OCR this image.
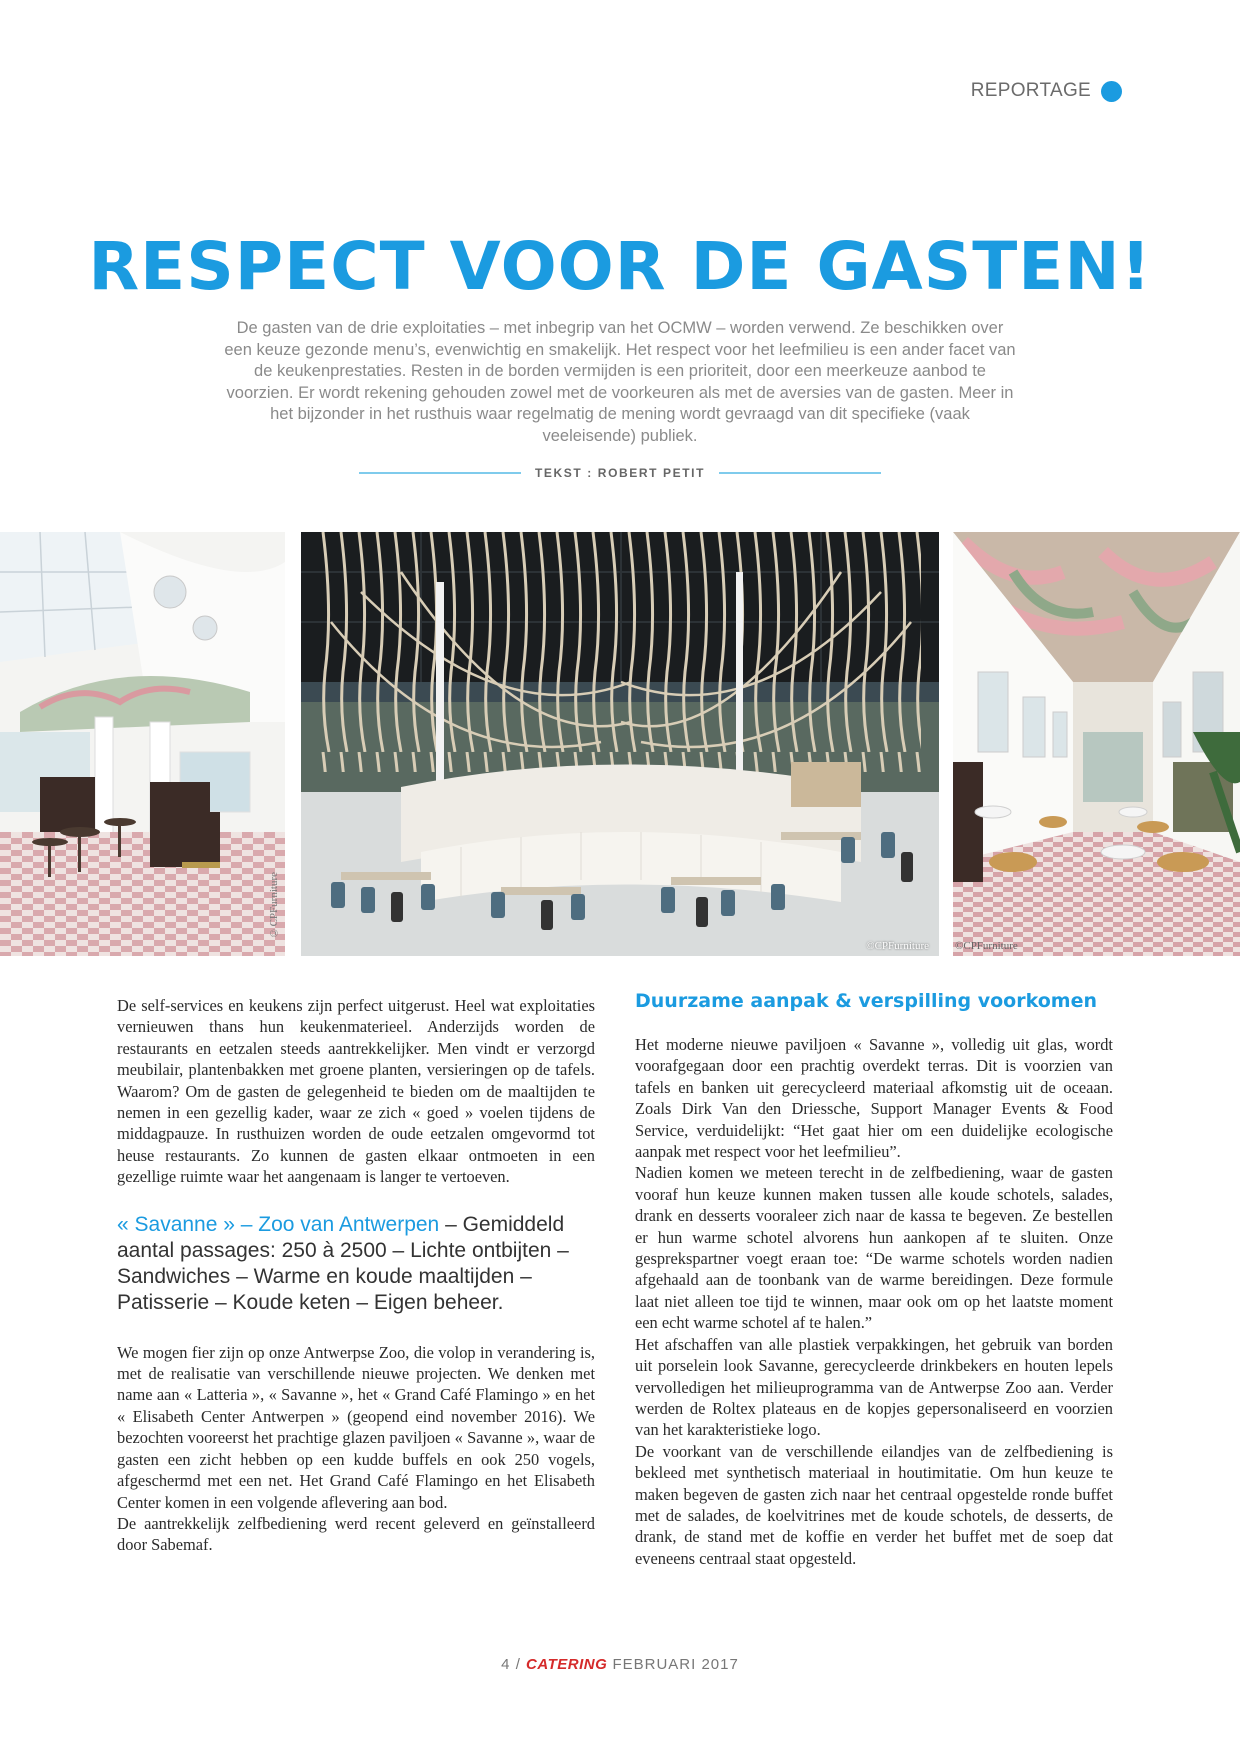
REPORTAGE
RESPECT VOOR DE GASTEN!

De gasten van de drie exploitaties – met inbegrip van het OCMW – worden verwend. Ze beschikken over een keuze gezonde menu’s, evenwichtig en smakelijk. Het respect voor het leefmilieu is een ander facet van de keukenprestaties. Resten in de borden vermijden is een prioriteit, door een meerkeuze aanbod te voorzien. Er wordt rekening gehouden zowel met de voorkeuren als met de aversies van de gasten. Meer in het bijzonder in het rusthuis waar regelmatig de mening wordt gevraagd van dit specifieke (vaak veeleisende) publiek.

TEKST : ROBERT PETIT
©CPFurniture
©CPFurniture ©CPFurniture

De self-services en keukens zijn perfect uitgerust. Heel wat exploitaties vernieuwen thans hun keukenmaterieel. Anderzijds worden de restaurants en eetzalen steeds aantrekkelijker. Men vindt er verzorgd meubilair, plantenbakken met groene planten, versieringen op de tafels. Waarom? Om de gasten de gelegenheid te bieden om de maaltijden te nemen in een gezellig kader, waar ze zich « goed » voelen tijdens de middagpauze. In rusthuizen worden de oude eetzalen omgevormd tot heuse restaurants. Zo kunnen de gasten elkaar ontmoeten in een gezellige ruimte waar het aangenaam is langer te vertoeven.

« Savanne » – Zoo van Antwerpen – Gemiddeld aantal passages: 250 à 2500 – Lichte ontbijten – Sandwiches – Warme en koude maaltijden – Patisserie – Koude keten – Eigen beheer.

We mogen fier zijn op onze Antwerpse Zoo, die volop in verandering is, met de realisatie van verschillende nieuwe projecten. We denken met name aan « Latteria », « Savanne », het « Grand Café Flamingo » en het « Elisabeth Center Antwerpen » (geopend eind november 2016). We bezochten vooreerst het prachtige glazen paviljoen « Savanne », waar de gasten een zicht hebben op een kudde buffels en ook 250 vogels, afgeschermd met een net. Het Grand Café Flamingo en het Elisabeth Center komen in een volgende aflevering aan bod.

De aantrekkelijk zelfbediening werd recent geleverd en geïnstalleerd door Sabemaf.

Duurzame aanpak & verspilling voorkomen

Het moderne nieuwe paviljoen « Savanne », volledig uit glas, wordt voorafgegaan door een prachtig overdekt terras. Dit is voorzien van tafels en banken uit gerecycleerd materiaal afkomstig uit de oceaan. Zoals Dirk Van den Driessche, Support Manager Events & Food Service, verduidelijkt: “Het gaat hier om een duidelijke ecologische aanpak met respect voor het leefmilieu”.

Nadien komen we meteen terecht in de zelfbediening, waar de gasten vooraf hun keuze kunnen maken tussen alle koude schotels, salades, drank en desserts vooraleer zich naar de kassa te begeven. Ze bestellen er hun warme schotel alvorens hun aankopen af te sluiten. Onze gesprekspartner voegt eraan toe: “De warme schotels worden nadien afgehaald aan de toonbank van de warme bereidingen. Deze formule laat niet alleen toe tijd te winnen, maar ook om op het laatste moment een echt warme schotel af te halen.”

Het afschaffen van alle plastiek verpakkingen, het gebruik van borden uit porselein look Savanne, gerecycleerde drinkbekers en houten lepels vervolledigen het milieuprogramma van de Antwerpse Zoo aan. Verder werden de Roltex plateaus en de kopjes gepersonaliseerd en voorzien van het karakteristieke logo.

De voorkant van de verschillende eilandjes van de zelfbediening is bekleed met synthetisch materiaal in houtimitatie. Om hun keuze te maken begeven de gasten zich naar het centraal opgestelde ronde buffet met de salades, de koelvitrines met de koude schotels, de desserts, de drank, de stand met de koffie en verder het buffet met de soep dat eveneens centraal staat opgesteld.

4 / CATERING FEBRUARI 2017
